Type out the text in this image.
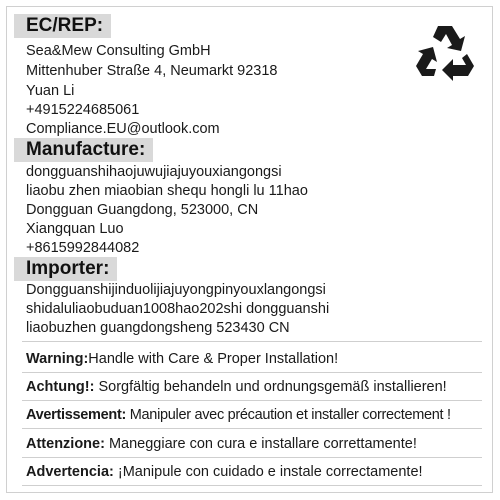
EC/REP:
Sea&Mew Consulting GmbH
Mittenhuber Straße 4, Neumarkt 92318
Yuan Li
+4915224685061
Compliance.EU@outlook.com
Manufacture:
dongguanshihaojuwujiajuyouxiangongsi
liaobu zhen miaobian shequ hongli lu 11hao
Dongguan Guangdong, 523000, CN
Xiangquan Luo
+8615992844082
Importer:
Dongguanshijinduolijiajuyongpinyouxlangongsi
shidaluliaobuduan1008hao202shi dongguanshi
liaobuzhen guangdongsheng 523430 CN
Warning:Handle with Care & Proper Installation!
Achtung!: Sorgfältig behandeln und ordnungsgemäß installieren!
Avertissement: Manipuler avec précaution et installer correctement !
Attenzione: Maneggiare con cura e installare correttamente!
Advertencia: ¡Manipule con cuidado e instale correctamente!
